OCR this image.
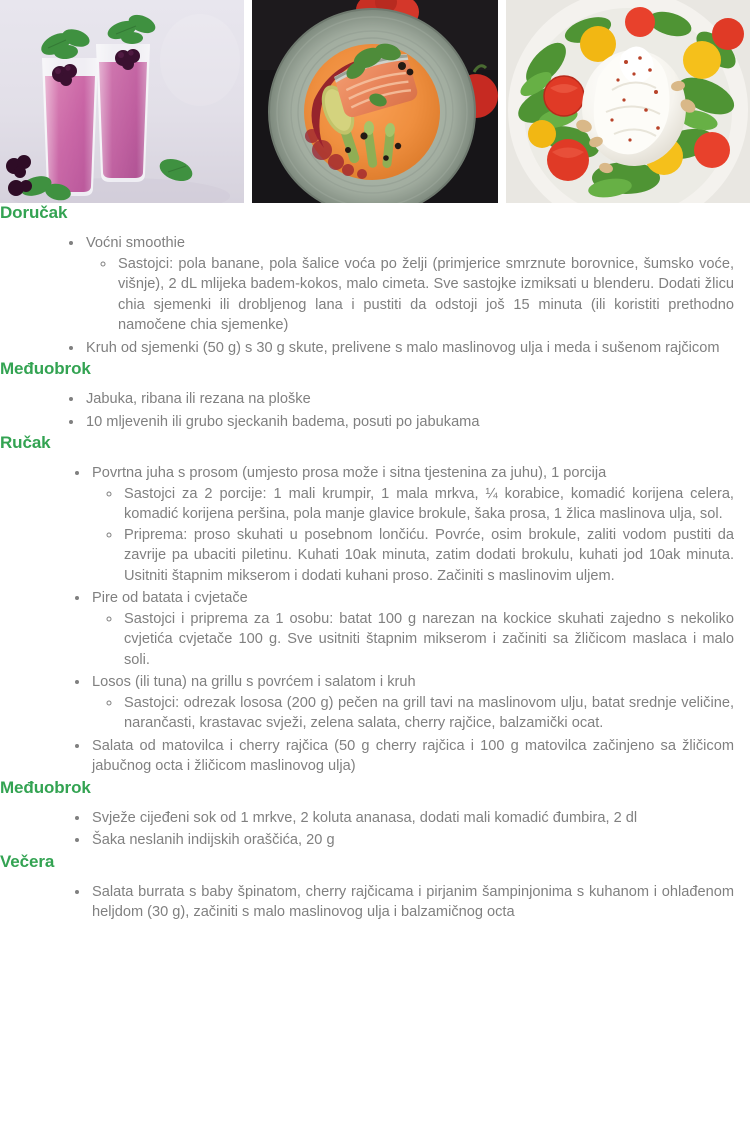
Doručak
• Voćni smoothie
◦ Sastojci: pola banane, pola šalice voća po želji (primjerice smrznute borovnice, šumsko voće, višnje), 2 dL mlijeka badem-kokos, malo cimeta. Sve sastojke izmiksati u blenderu. Dodati žlicu chia sjemenki ili drobljenog lana i pustiti da odstoji još 15 minuta (ili koristiti prethodno namočene chia sjemenke)
• Kruh od sjemenki (50 g) s 30 g skute, prelivene s malo maslinovog ulja i meda i sušenom rajčicom
Međuobrok
• Jabuka, ribana ili rezana na ploške
• 10 mljevenih ili grubo sjeckanih badema, posuti po jabukama
Ručak
• Povrtna juha s prosom (umjesto prosa može i sitna tjestenina za juhu), 1 porcija
◦ Sastojci za 2 porcije: 1 mali krumpir, 1 mala mrkva, ¼ korabice, komadić korijena celera, komadić korijena peršina, pola manje glavice brokule, šaka prosa, 1 žlica maslinova ulja, sol.
◦ Priprema: proso skuhati u posebnom lončiću. Povrće, osim brokule, zaliti vodom pustiti da zavrije pa ubaciti piletinu. Kuhati 10ak minuta, zatim dodati brokulu, kuhati jod 10ak minuta. Usitniti štapnim mikserom i dodati kuhani proso. Začiniti s maslinovim uljem.
• Pire od batata i cvjetače
◦ Sastojci i priprema za 1 osobu: batat 100 g narezan na kockice skuhati zajedno s nekoliko cvjetića cvjetače 100 g. Sve usitniti štapnim mikserom i začiniti sa žličicom maslaca i malo soli.
• Losos (ili tuna) na grillu s povrćem i salatom i kruh
◦ Sastojci: odrezak lososa (200 g) pečen na grill tavi na maslinovom ulju, batat srednje veličine, narančasti, krastavac svježi, zelena salata, cherry rajčice, balzamički ocat.
• Salata od matovilca i cherry rajčica (50 g cherry rajčica i 100 g matovilca začinjeno sa žličicom jabučnog octa i žličicom maslinovog ulja)
Međuobrok
• Svježe cijeđeni sok od 1 mrkve, 2 koluta ananasa, dodati mali komadić đumbira, 2 dl
• Šaka neslanih indijskih oraščića, 20 g
Večera
• Salata burrata s baby špinatom, cherry rajčicama i pirjanim šampinjonima s kuhanom i ohlađenom heljdom (30 g), začiniti s malo maslinovog ulja i balzamičnog octa
